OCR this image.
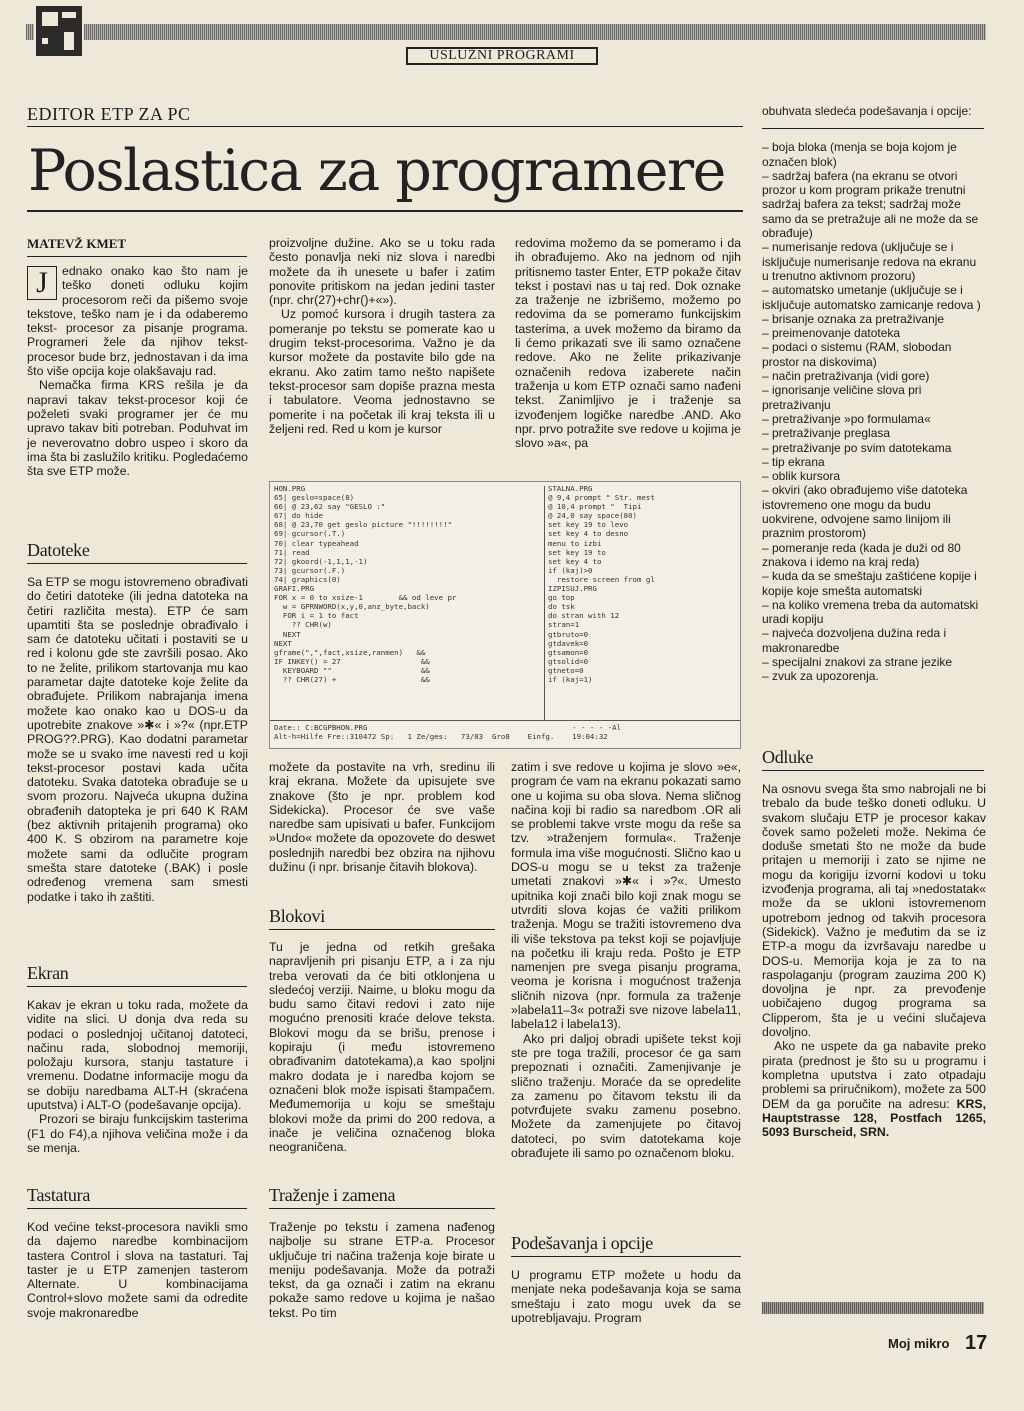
USLUŽNI PROGRAMI
EDITOR ETP ZA PC
Poslastica za programere
MATEVŽ KMET
J	ednako onako kao što nam je teško doneti odluku kojim procesorom reči da pišemo svoje tekstove, teško nam je i da odaberemo tekst- procesor za pisanje programa. Programeri žele da njihov tekst- procesor bude brz, jednostavan i da ima što više opcija koje olakšavaju rad.

Nemačka firma KRS rešila je da napravi takav tekst-procesor koji će poželeti svaki programer jer će mu upravo takav biti potreban. Poduhvat im je neverovatno dobro uspeo i skoro da ima šta bi zaslužilo kritiku. Pogledaćemo šta sve ETP može.

Datoteke

Sa ETP se mogu istovremeno obrađivati do četiri datoteke (ili jedna datoteka na četiri različita mesta). ETP će sam upamtiti šta se poslednje obrađivalo i sam će datoteku učitati i postaviti se u red i kolonu gde ste završili posao. Ako to ne želite, prilikom startovanja mu kao parametar dajte datoteke koje želite da obrađujete. Prilikom nabrajanja imena možete kao onako kao u DOS-u da upotrebite znakove »✱« i »?« (npr.ETP PROG??.PRG). Kao dodatni parametar može se u svako ime navesti red u koji tekst-procesor postavi kada učita datoteku. Svaka datoteka obrađuje se u svom prozoru. Najveća ukupna dužina obrađenih datopteka je pri 640 K RAM (bez aktivnih pritajenih programa) oko 400 K. S obzirom na parametre koje možete sami da odlučite program smešta stare datoteke (.BAK) i posle određenog vremena sam smesti podatke i tako ih zaštiti.

Ekran

Kakav je ekran u toku rada, možete da vidite na slici. U donja dva reda su podaci o poslednjoj učitanoj datoteci, načinu rada, slobodnoj memoriji, položaju kursora, stanju tastature i vremenu. Dodatne informacije mogu da se dobiju naredbama ALT-H (skraćena uputstva) i ALT-O (podešavanje opcija).

Prozori se biraju funkcijskim tasterima (F1 do F4),a njihova veličina može i da se menja.

Tastatura

Kod većine tekst-procesora navikli smo da dajemo naredbe kombinacijom tastera Control i slova na tastaturi. Taj taster je u ETP zamenjen tasterom Alternate. U kombinacijama Control+slovo možete sami da odredite svoje makronaredbe

proizvoljne dužine. Ako se u toku rada često ponavlja neki niz slova i naredbi možete da ih unesete u bafer i zatim ponovite pritiskom na jedan jedini taster (npr. chr(27)+chr()+«»).

Uz pomoć kursora i drugih tastera za pomeranje po tekstu se pomerate kao u drugim tekst-procesorima. Važno je da kursor možete da postavite bilo gde na ekranu. Ako zatim tamo nešto napišete tekst-procesor sam dopiše prazna mesta i tabulatore. Veoma jednostavno se pomerite i na početak ili kraj teksta ili u željeni red. Red u kom je kursor

redovima možemo da se pomeramo i da ih obrađujemo. Ako na jednom od njih pritisnemo taster Enter, ETP pokaže čitav tekst i postavi nas u taj red. Dok oznake za traženje ne izbrišemo, možemo po redovima da se pomeramo funkcijskim tasterima, a uvek možemo da biramo da li ćemo prikazati sve ili samo označene redove. Ako ne želite prikazivanje označenih redova izaberete način traženja u kom ETP označi samo nađeni tekst. Zanimljivo je i traženje sa izvođenjem logičke naredbe .AND. Ako npr. prvo potražite sve redove u kojima je slovo »a«, pa

HON.PRG
65| geslo=space(8)
66| @ 23,62 say "GESLO :"
67| do hide
68| @ 23,70 get geslo picture "!!!!!!!!"
69| gcursor(.T.)
70| clear typeahead
71| read
72| gkoord(-1,1,1,-1)
73| gcursor(.F.)
74| graphics(0)
GRAFI.PRG
FOR x = 0 to xsize-1        && od leve pr
w = GPRNWORD(x,y,0,anz_byte,back)
FOR i = 1 to fact
?? CHR(w)
NEXT
NEXT
gframe(",",fact,xsize,ranmen)   &&
IF INKEY() = 27                  &&
KEYBOARD ""                    &&
?? CHR(27) +                   &&
STALNA.PRG
@ 9,4 prompt " Str. mest
@ 10,4 prompt "  Tipi
@ 24,0 say space(80)
set key 19 to levo
set key 4 to desno
menu to izbi
set key 19 to
set key 4 to
if (kaj)>0
restore screen from gl
IZPISUJ.PRG
go top
do tsk
do stran with 12
stran=1
gtbruto=0
gtdavek=0
gtsamon=0
gtsolid=0
gtneto=0
if (kaj=1)
Date:: C:BCGPBHON.PRG                                              - - - - -Al
Alt-h=Hilfe Fre::310472 Sp:   1 Ze/ges:   73/83  Gro8    Einfg.    19:04:32

možete da postavite na vrh, sredinu ili kraj ekrana. Možete da upisujete sve znakove (što je npr. problem kod Sidekicka). Procesor će sve vaše naredbe sam upisivati u bafer. Funkcijom »Undo« možete da opozovete do deswet poslednjih naredbi bez obzira na njihovu dužinu (i npr. brisanje čitavih blokova).

Blokovi

Tu je jedna od retkih grešaka napravljenih pri pisanju ETP, a i za nju treba verovati da će biti otklonjena u sledećoj verziji. Naime, u bloku mogu da budu samo čitavi redovi i zato nije mogućno prenositi kraće delove teksta. Blokovi mogu da se brišu, prenose i kopiraju (i među istovremeno obrađivanim datotekama),a kao spoljni makro dodata je i naredba kojom se označeni blok može ispisati štampačem. Međumemorija u koju se smeštaju blokovi može da primi do 200 redova, a inače je veličina označenog bloka neograničena.

Traženje i zamena

Traženje po tekstu i zamena nađenog najbolje su strane ETP-a. Procesor uključuje tri načina traženja koje birate u meniju podešavanja. Može da potraži tekst, da ga označi i zatim na ekranu pokaže samo redove u kojima je našao tekst. Po tim

zatim i sve redove u kojima je slovo »e«, program će vam na ekranu pokazati samo one u kojima su oba slova. Nema sličnog načina koji bi radio sa naredbom .OR ali se problemi takve vrste mogu da reše sa tzv. »traženjem formula«. Traženje formula ima više mogućnosti. Slično kao u DOS-u mogu se u tekst za traženje umetati znakovi »✱« i »?«. Umesto upitnika koji znači bilo koji znak mogu se utvrditi slova kojas će važiti prilikom traženja. Mogu se tražiti istovremeno dva ili više tekstova pa tekst koji se pojavljuje na početku ili kraju reda. Pošto je ETP namenjen pre svega pisanju programa, veoma je korisna i mogućnost traženja sličnih nizova (npr. formula za traženje »labela11–3« potraži sve nizove labela11, labela12 i labela13).

Ako pri daljoj obradi upišete tekst koji ste pre toga tražili, procesor će ga sam prepoznati i označiti. Zamenjivanje je slično traženju. Moraće da se opredelite za zamenu po čitavom tekstu ili da potvrđujete svaku zamenu posebno. Možete da zamenjujete po čitavoj datoteci, po svim datotekama koje obrađujete ili samo po označenom bloku.

Podešavanja i opcije

U programu ETP možete u hodu da menjate neka podešavanja koja se sama smeštaju i zato mogu uvek da se upotrebljavaju. Program

obuhvata sledeća podešavanja i opcije:

– boja bloka (menja se boja kojom je označen blok)
– sadržaj bafera (na ekranu se otvori prozor u kom program prikaže trenutni sadržaj bafera za tekst; sadržaj može samo da se pretražuje ali ne može da se obrađuje)
– numerisanje redova (uključuje se i isključuje numerisanje redova na ekranu u trenutno aktivnom prozoru)
– automatsko umetanje (uključuje se i isključuje automatsko zamicanje redova )
– brisanje oznaka za pretraživanje
– preimenovanje datoteka
– podaci o sistemu (RAM, slobodan prostor na diskovima)
– način pretraživanja (vidi gore)
– ignorisanje veličine slova pri pretraživanju
– pretraživanje »po formulama«
– pretraživanje preglasa
– pretraživanje po svim datotekama
– tip ekrana
– oblik kursora
– okviri (ako obrađujemo više datoteka istovremeno one mogu da budu uokvirene, odvojene samo linijom ili praznim prostorom)
– pomeranje reda (kada je duži od 80 znakova i idemo na kraj reda)
– kuda da se smeštaju zaštićene kopije i kopije koje smešta automatski
– na koliko vremena treba da automatski uradi kopiju
– najveća dozvoljena dužina reda i makronaredbe
– specijalni znakovi za strane jezike
– zvuk za upozorenja.
Odluke

Na osnovu svega šta smo nabrojali ne bi trebalo da bude teško doneti odluku. U svakom slučaju ETP je procesor kakav čovek samo poželeti može. Nekima će doduše smetati što ne može da bude pritajen u memoriji i zato se njime ne mogu da korigiju izvorni kodovi u toku izvođenja programa, ali taj »nedostatak« može da se ukloni istovremenom upotrebom jednog od takvih procesora (Sidekick). Važno je međutim da se iz ETP-a mogu da izvršavaju naredbe u DOS-u. Memorija koja je za to na raspolaganju (program zauzima 200 K) dovoljna je npr. za prevođenje uobičajeno dugog programa sa Clipperom, šta je u većini slučajeva dovoljno.

Ako ne uspete da ga nabavite preko pirata (prednost je što su u programu i kompletna uputstva i zato otpadaju problemi sa priručnikom), možete za 500 DEM da ga poručite na adresu: KRS, Hauptstrasse 128, Postfach 1265, 5093 Burscheid, SRN.

Moj mikro 17
